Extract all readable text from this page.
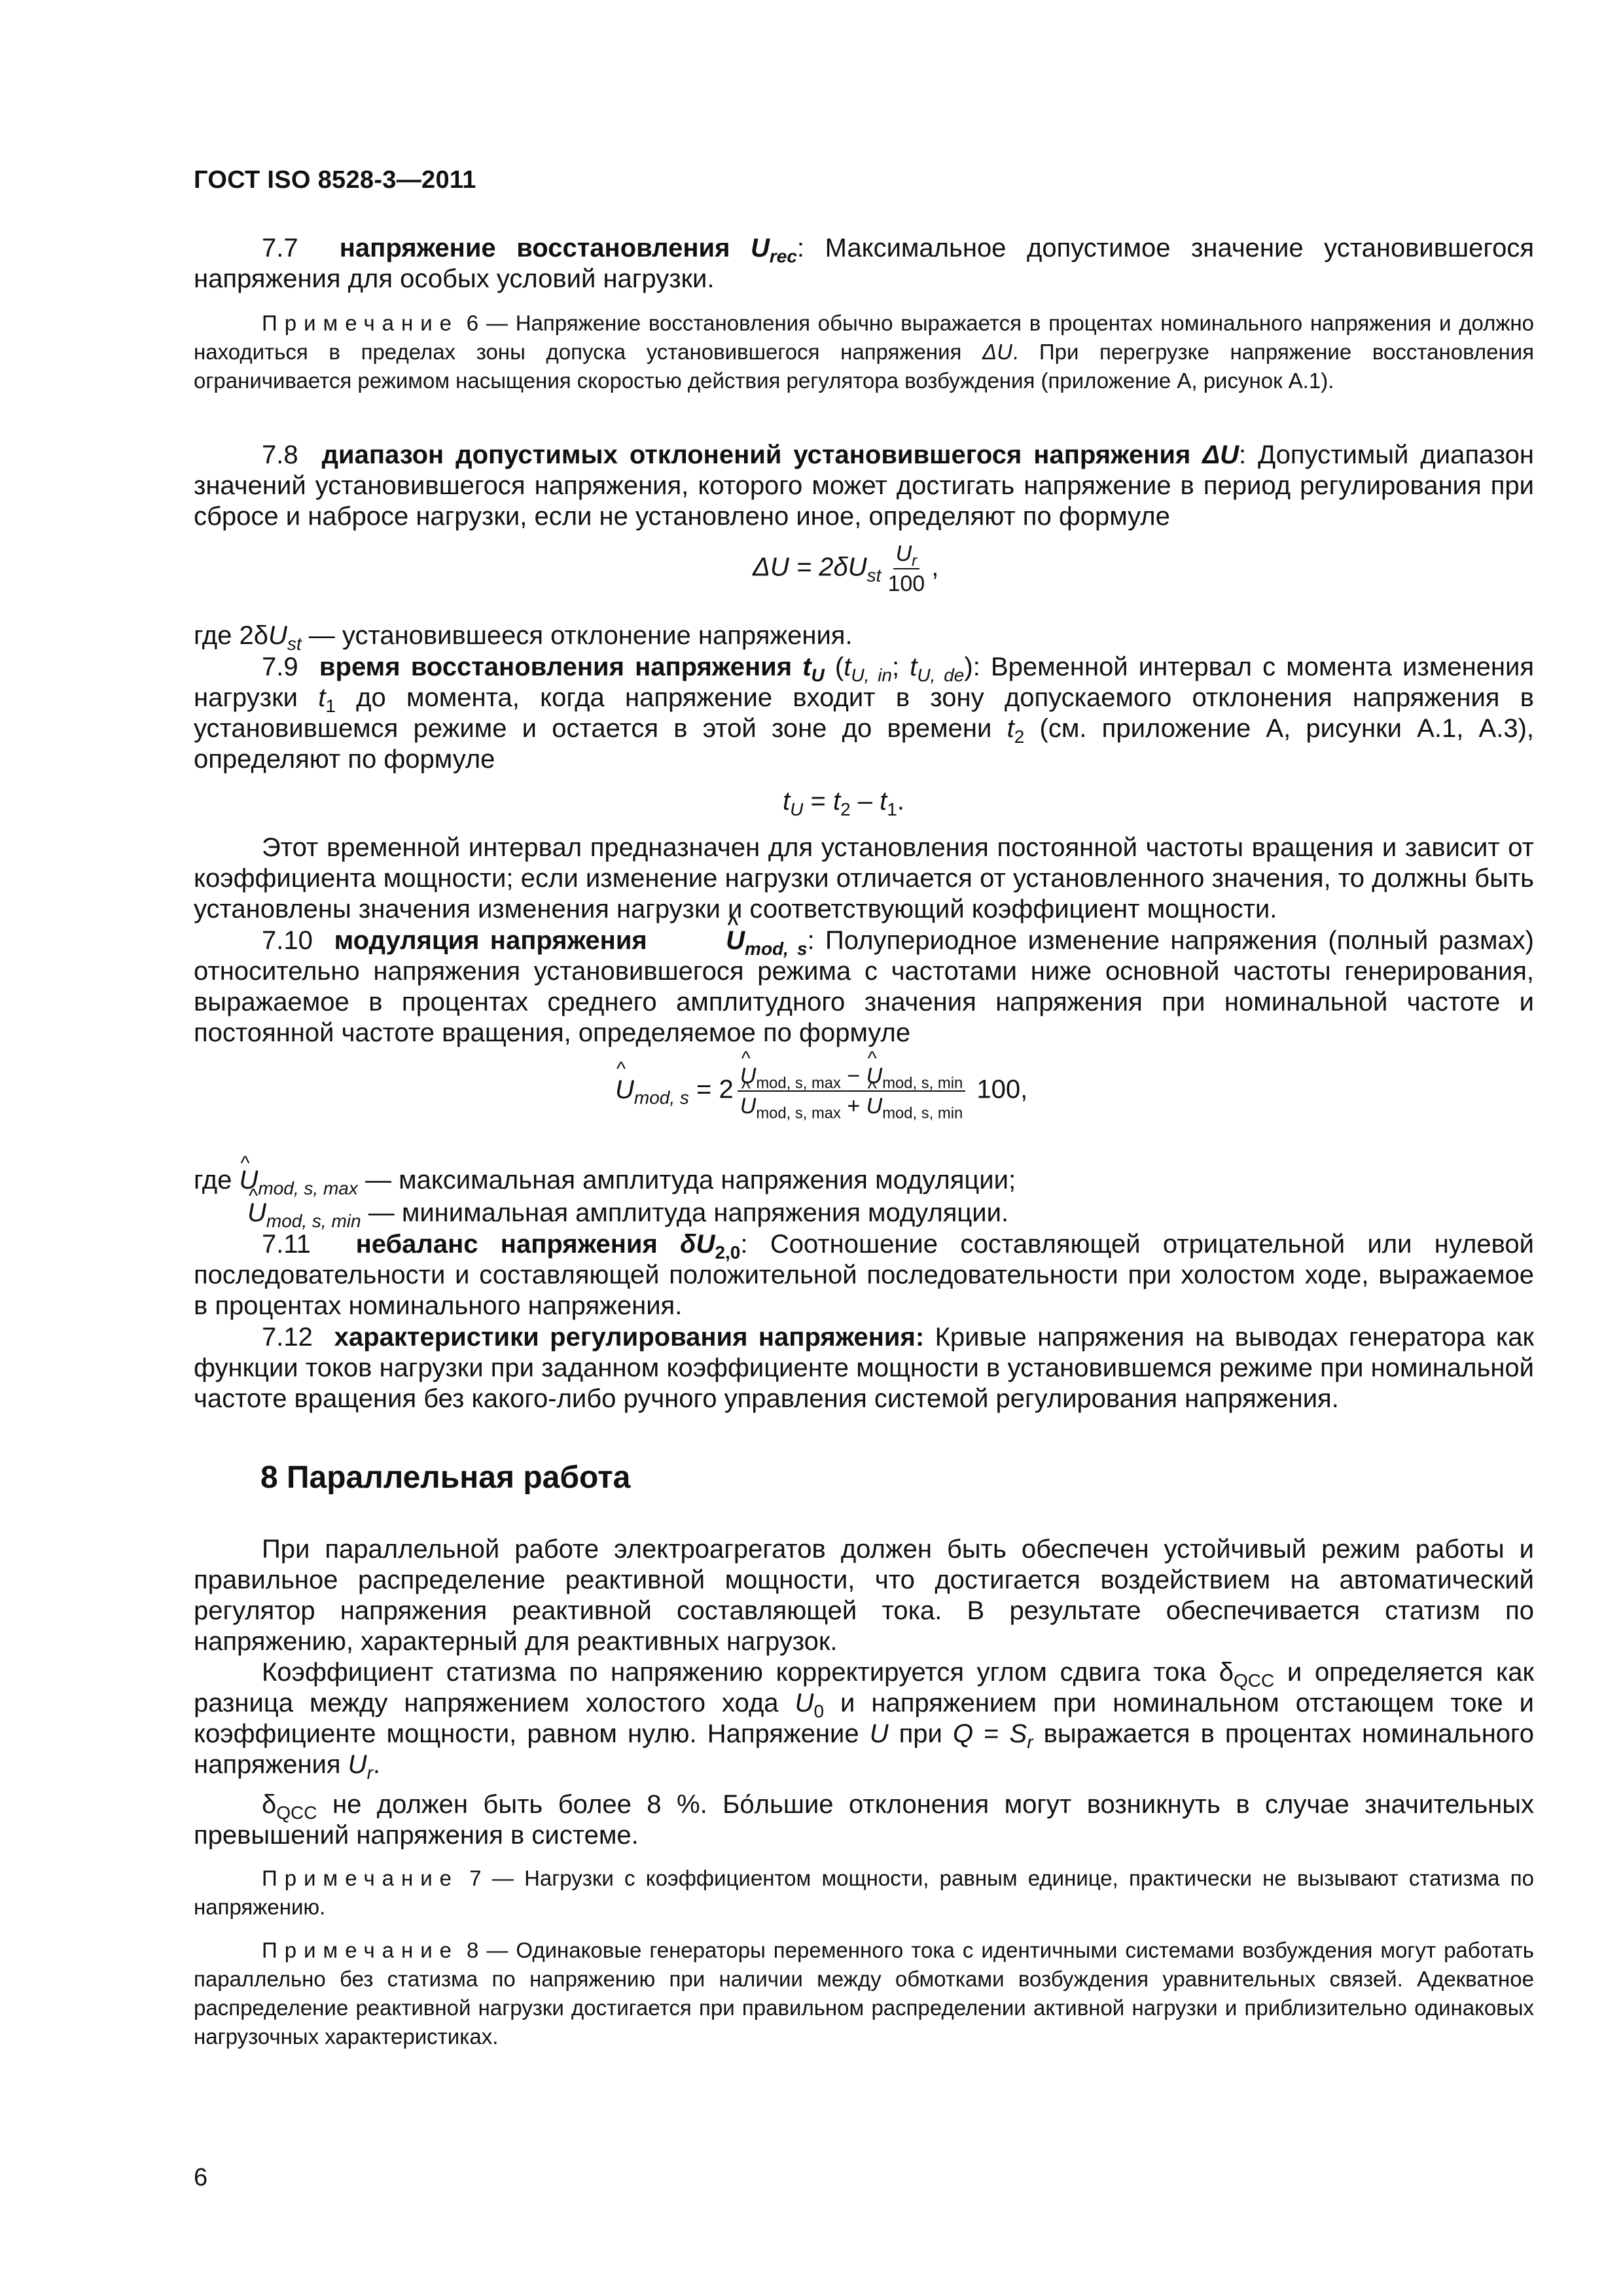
ГОСТ ISO 8528-3—2011

7.7 напряжение восстановления $U_{rec}$: Максимальное допустимое значение установившегося напряжения для особых условий нагрузки.

Примечание 6 — Напряжение восстановления обычно выражается в процентах номинального напряжения и должно находиться в пределах зоны допуска установившегося напряжения ΔU. При перегрузке напряжение восстановления ограничивается режимом насыщения скоростью действия регулятора возбуждения (приложение А, рисунок А.1).

7.8 диапазон допустимых отклонений установившегося напряжения ΔU: Допустимый диапазон значений установившегося напряжения, которого может достигать напряжение в период регулирования при сбросе и набросе нагрузки, если не установлено иное, определяют по формуле

$\Delta U = 2\delta U_{st} \frac{U_r}{100}$ ,

где $2\delta U_{st}$ — установившееся отклонение напряжения.

7.9 время восстановления напряжения $t_U$ ($t_{U, in}$; $t_{U, de}$): Временной интервал с момента изменения нагрузки $t_1$ до момента, когда напряжение входит в зону допускаемого отклонения напряжения в установившемся режиме и остается в этой зоне до времени $t_2$ (см. приложение А, рисунки А.1, А.3), определяют по формуле

$t_U = t_2 - t_1$.

Этот временной интервал предназначен для установления постоянной частоты вращения и зависит от коэффициента мощности; если изменение нагрузки отличается от установленного значения, то должны быть установлены значения изменения нагрузки и соответствующий коэффициент мощности.

7.10 модуляция напряжения	^ $U_{mod, s}$: Полупериодное изменение напряжения (полный размах) относительно напряжения установившегося режима с частотами ниже основной частоты генерирования, выражаемое в процентах среднего амплитудного значения напряжения при номинальной частоте и постоянной частоте вращения, определяемое по формуле

^ $U_{mod, s} = 2$ ^ $U_{mod, s, max}$ − ^ $U_{mod, s, min}$
^ $U_{mod, s, max}$ + ^ $U_{mod, s, min}$ 100,

где ^ $U_{mod, s, max}$ — максимальная амплитуда напряжения модуляции;

^ $U_{mod, s, min}$ — минимальная амплитуда напряжения модуляции.

7.11 небаланс напряжения $\delta U_{2,0}$: Соотношение составляющей отрицательной или нулевой последовательности и составляющей положительной последовательности при холостом ходе, выражаемое в процентах номинального напряжения.

7.12 характеристики регулирования напряжения: Кривые напряжения на выводах генератора как функции токов нагрузки при заданном коэффициенте мощности в установившемся режиме при номинальной частоте вращения без какого-либо ручного управления системой регулирования напряжения.

8 Параллельная работа

При параллельной работе электроагрегатов должен быть обеспечен устойчивый режим работы и правильное распределение реактивной мощности, что достигается воздействием на автоматический регулятор напряжения реактивной составляющей тока. В результате обеспечивается статизм по напряжению, характерный для реактивных нагрузок.

Коэффициент статизма по напряжению корректируется углом сдвига тока $\delta_{QCC}$ и определяется как разница между напряжением холостого хода $U_0$ и напряжением при номинальном отстающем токе и коэффициенте мощности, равном нулю. Напряжение U при $Q = S_r$ выражается в процентах номинального напряжения $U_r$.

$\delta_{QCC}$ не должен быть более 8 %. Бо́льшие отклонения могут возникнуть в случае значительных превышений напряжения в системе.

Примечание 7 — Нагрузки с коэффициентом мощности, равным единице, практически не вызывают статизма по напряжению.

Примечание 8 — Одинаковые генераторы переменного тока с идентичными системами возбуждения могут работать параллельно без статизма по напряжению при наличии между обмотками возбуждения уравнительных связей. Адекватное распределение реактивной нагрузки достигается при правильном распределении активной нагрузки и приблизительно одинаковых нагрузочных характеристиках.

6
